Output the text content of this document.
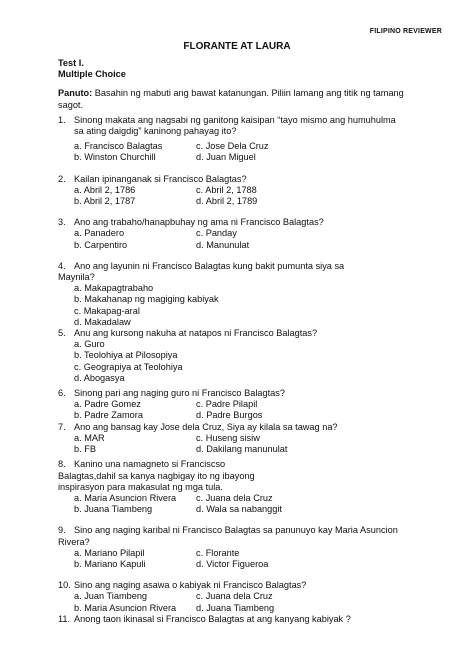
FILIPINO REVIEWER
FLORANTE AT LAURA
Test I.
Multiple Choice
Panuto: Basahin ng mabuti ang bawat katanungan. Piliin lamang ang titik ng tamang sagot.
1. Sinong makata ang nagsabi ng ganitong kaisipan “tayo mismo ang humuhulma
sa ating daigdig” kaninong pahayag ito?
a. Francisco Balagtas	c. Jose Dela Cruz
b. Winston Churchill	d. Juan Miguel
2. Kailan ipinanganak si Francisco Balagtas?
a. Abril 2, 1786	c. Abril 2, 1788
b. Abril 2, 1787	d. Abril 2, 1789
3. Ano ang trabaho/hanapbuhay ng ama ni Francisco Balagtas?
a. Panadero	c. Panday
b. Carpentiro	d. Manunulat
4. Ano ang layunin ni Francisco Balagtas kung bakit pumunta siya sa
Maynila?
a. Makapagtrabaho
b. Makahanap ng magiging kabiyak
c. Makapag-aral
d. Makadalaw
5. Anu ang kursong nakuha at natapos ni Francisco Balagtas?
a. Guro
b. Teolohiya at Pilosopiya
c. Geograpiya at Teolohiya
d. Abogasya
6. Sinong pari ang naging guro ni Francisco Balagtas?
a. Padre Gomez	c. Padre Pilapil
b. Padre Zamora	d. Padre Burgos
7. Ano ang bansag kay Jose dela Cruz, Siya ay kilala sa tawag na?
a. MAR	c. Huseng sisiw
b. FB	d. Dakilang manunulat
8. Kanino una namagneto si Franciscso
Balagtas,dahil sa kanya nagbigay ito ng ibayong
inspirasyon para makasulat ng mga tula.
a. Maria Asuncion Rivera	c. Juana dela Cruz
b. Juana Tiambeng	d. Wala sa nabanggit
9. Sino ang naging karibal ni Francisco Balagtas sa panunuyo kay Maria Asuncion
Rivera?
a. Mariano Pilapil	c. Florante
b. Mariano Kapuli	d. Victor Figueroa
10. Sino ang naging asawa o kabiyak ni Francisco Balagtas?
a. Juan Tiambeng	c. Juana dela Cruz
b. Maria Asuncion Rivera	d. Juana Tiambeng
11. Anong taon ikinasal si Francisco Balagtas at ang kanyang kabiyak ?
